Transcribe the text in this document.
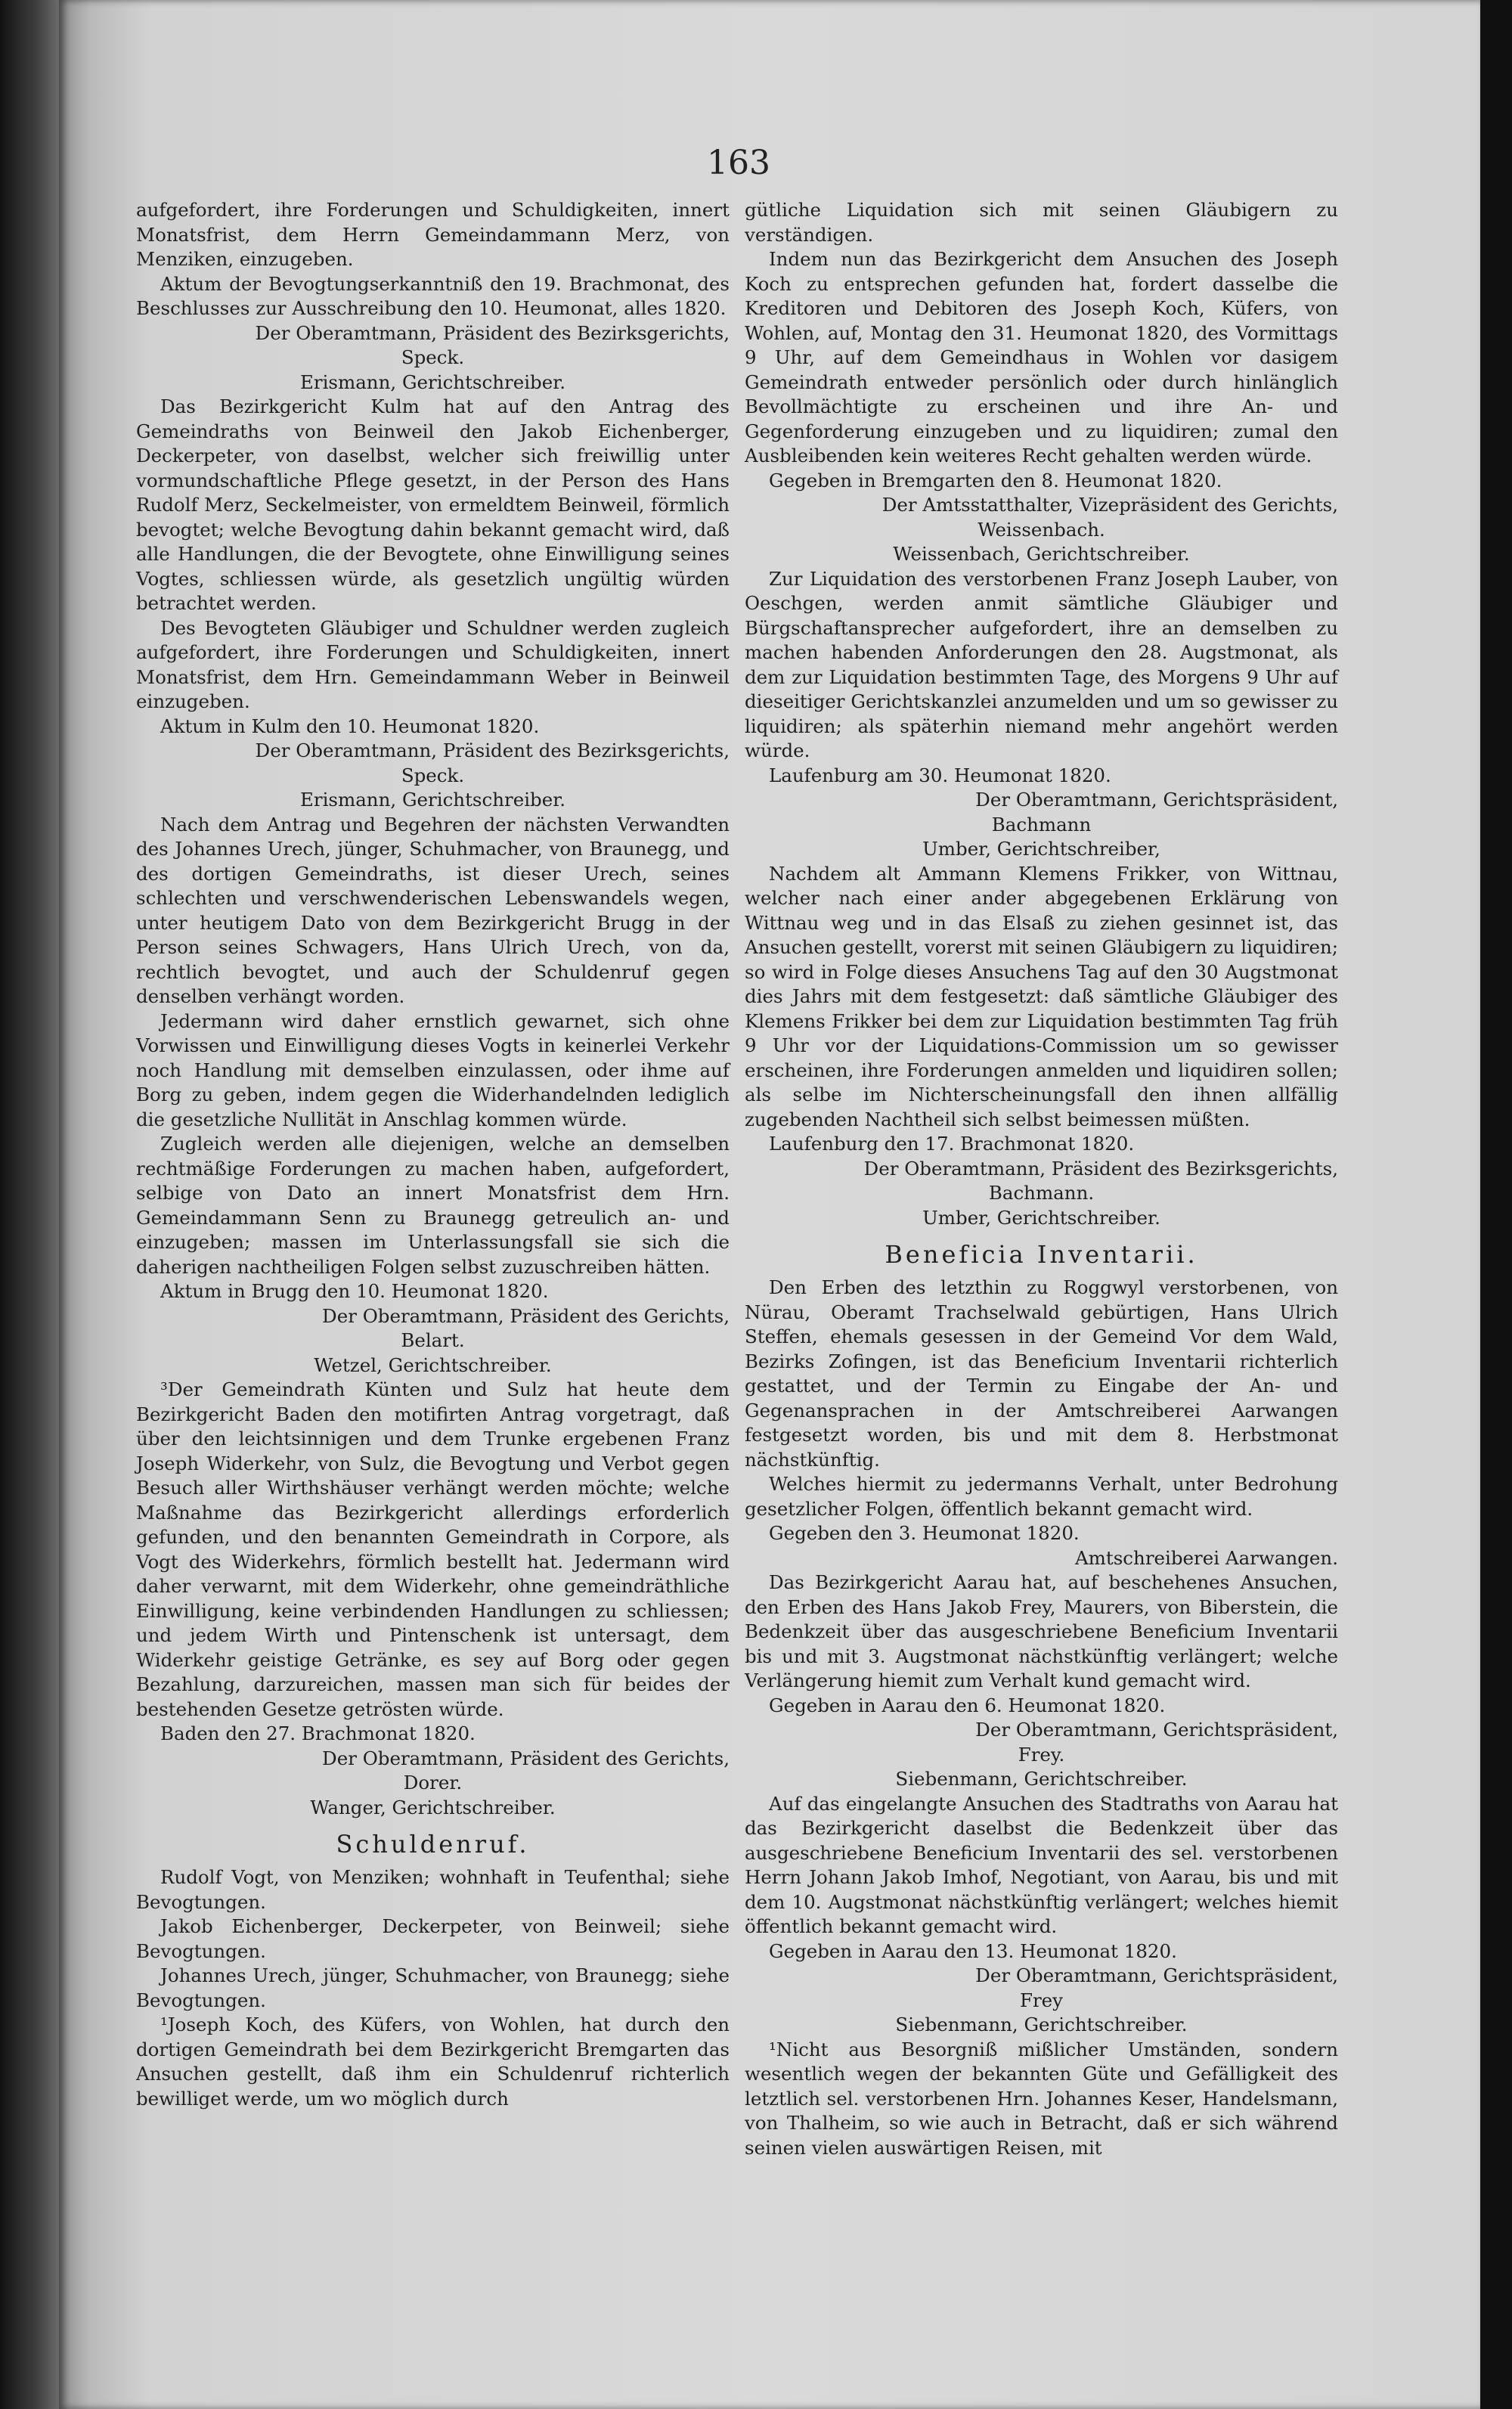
163

aufgefordert, ihre Forderungen und Schuldigkeiten, innert Monatsfrist, dem Herrn Gemeindammann Merz, von Menziken, einzugeben.

Aktum der Bevogtungserkanntniß den 19. Brachmonat, des Beschlusses zur Ausschreibung den 10. Heumonat, alles 1820.

Der Oberamtmann, Präsident des Bezirksgerichts,

Speck.

Erismann, Gerichtschreiber.

Das Bezirkgericht Kulm hat auf den Antrag des Gemeindraths von Beinweil den Jakob Eichenberger, Deckerpeter, von daselbst, welcher sich freiwillig unter vormundschaftliche Pflege gesetzt, in der Person des Hans Rudolf Merz, Seckelmeister, von ermeldtem Beinweil, förmlich bevogtet; welche Bevogtung dahin bekannt gemacht wird, daß alle Handlungen, die der Bevogtete, ohne Einwilligung seines Vogtes, schliessen würde, als gesetzlich ungültig würden betrachtet werden.

Des Bevogteten Gläubiger und Schuldner werden zugleich aufgefordert, ihre Forderungen und Schuldigkeiten, innert Monatsfrist, dem Hrn. Gemeindammann Weber in Beinweil einzugeben.

Aktum in Kulm den 10. Heumonat 1820.

Der Oberamtmann, Präsident des Bezirksgerichts,

Speck.

Erismann, Gerichtschreiber.

Nach dem Antrag und Begehren der nächsten Verwandten des Johannes Urech, jünger, Schuhmacher, von Braunegg, und des dortigen Gemeindraths, ist dieser Urech, seines schlechten und verschwenderischen Lebenswandels wegen, unter heutigem Dato von dem Bezirkgericht Brugg in der Person seines Schwagers, Hans Ulrich Urech, von da, rechtlich bevogtet, und auch der Schuldenruf gegen denselben verhängt worden.

Jedermann wird daher ernstlich gewarnet, sich ohne Vorwissen und Einwilligung dieses Vogts in keinerlei Verkehr noch Handlung mit demselben einzulassen, oder ihme auf Borg zu geben, indem gegen die Widerhandelnden lediglich die gesetzliche Nullität in Anschlag kommen würde.

Zugleich werden alle diejenigen, welche an demselben rechtmäßige Forderungen zu machen haben, aufgefordert, selbige von Dato an innert Monatsfrist dem Hrn. Gemeindammann Senn zu Braunegg getreulich an- und einzugeben; massen im Unterlassungsfall sie sich die daherigen nachtheiligen Folgen selbst zuzuschreiben hätten.

Aktum in Brugg den 10. Heumonat 1820.

Der Oberamtmann, Präsident des Gerichts,

Belart.

Wetzel, Gerichtschreiber.

³Der Gemeindrath Künten und Sulz hat heute dem Bezirkgericht Baden den motifirten Antrag vorgetragt, daß über den leichtsinnigen und dem Trunke ergebenen Franz Joseph Widerkehr, von Sulz, die Bevogtung und Verbot gegen Besuch aller Wirthshäuser verhängt werden möchte; welche Maßnahme das Bezirkgericht allerdings erforderlich gefunden, und den benannten Gemeindrath in Corpore, als Vogt des Widerkehrs, förmlich bestellt hat. Jedermann wird daher verwarnt, mit dem Widerkehr, ohne gemeindräthliche Einwilligung, keine verbindenden Handlungen zu schliessen; und jedem Wirth und Pintenschenk ist untersagt, dem Widerkehr geistige Getränke, es sey auf Borg oder gegen Bezahlung, darzureichen, massen man sich für beides der bestehenden Gesetze getrösten würde.

Baden den 27. Brachmonat 1820.

Der Oberamtmann, Präsident des Gerichts,

Dorer.

Wanger, Gerichtschreiber.

Schuldenruf.

Rudolf Vogt, von Menziken; wohnhaft in Teufenthal; siehe Bevogtungen.

Jakob Eichenberger, Deckerpeter, von Beinweil; siehe Bevogtungen.

Johannes Urech, jünger, Schuhmacher, von Braunegg; siehe Bevogtungen.

¹Joseph Koch, des Küfers, von Wohlen, hat durch den dortigen Gemeindrath bei dem Bezirkgericht Bremgarten das Ansuchen gestellt, daß ihm ein Schuldenruf richterlich bewilliget werde, um wo möglich durch

gütliche Liquidation sich mit seinen Gläubigern zu verständigen.

Indem nun das Bezirkgericht dem Ansuchen des Joseph Koch zu entsprechen gefunden hat, fordert dasselbe die Kreditoren und Debitoren des Joseph Koch, Küfers, von Wohlen, auf, Montag den 31. Heumonat 1820, des Vormittags 9 Uhr, auf dem Gemeindhaus in Wohlen vor dasigem Gemeindrath entweder persönlich oder durch hinlänglich Bevollmächtigte zu erscheinen und ihre An- und Gegenforderung einzugeben und zu liquidiren; zumal den Ausbleibenden kein weiteres Recht gehalten werden würde.

Gegeben in Bremgarten den 8. Heumonat 1820.

Der Amtsstatthalter, Vizepräsident des Gerichts,

Weissenbach.

Weissenbach, Gerichtschreiber.

Zur Liquidation des verstorbenen Franz Joseph Lauber, von Oeschgen, werden anmit sämtliche Gläubiger und Bürgschaftansprecher aufgefordert, ihre an demselben zu machen habenden Anforderungen den 28. Augstmonat, als dem zur Liquidation bestimmten Tage, des Morgens 9 Uhr auf dieseitiger Gerichtskanzlei anzumelden und um so gewisser zu liquidiren; als späterhin niemand mehr angehört werden würde.

Laufenburg am 30. Heumonat 1820.

Der Oberamtmann, Gerichtspräsident,

Bachmann

Umber, Gerichtschreiber,

Nachdem alt Ammann Klemens Frikker, von Wittnau, welcher nach einer ander abgegebenen Erklärung von Wittnau weg und in das Elsaß zu ziehen gesinnet ist, das Ansuchen gestellt, vorerst mit seinen Gläubigern zu liquidiren; so wird in Folge dieses Ansuchens Tag auf den 30 Augstmonat dies Jahrs mit dem festgesetzt: daß sämtliche Gläubiger des Klemens Frikker bei dem zur Liquidation bestimmten Tag früh 9 Uhr vor der Liquidations-Commission um so gewisser erscheinen, ihre Forderungen anmelden und liquidiren sollen; als selbe im Nichterscheinungsfall den ihnen allfällig zugebenden Nachtheil sich selbst beimessen müßten.

Laufenburg den 17. Brachmonat 1820.

Der Oberamtmann, Präsident des Bezirksgerichts,

Bachmann.

Umber, Gerichtschreiber.

Beneficia Inventarii.

Den Erben des letzthin zu Roggwyl verstorbenen, von Nürau, Oberamt Trachselwald gebürtigen, Hans Ulrich Steffen, ehemals gesessen in der Gemeind Vor dem Wald, Bezirks Zofingen, ist das Beneficium Inventarii richterlich gestattet, und der Termin zu Eingabe der An- und Gegenansprachen in der Amtschreiberei Aarwangen festgesetzt worden, bis und mit dem 8. Herbstmonat nächstkünftig.

Welches hiermit zu jedermanns Verhalt, unter Bedrohung gesetzlicher Folgen, öffentlich bekannt gemacht wird.

Gegeben den 3. Heumonat 1820.

Amtschreiberei Aarwangen.

Das Bezirkgericht Aarau hat, auf beschehenes Ansuchen, den Erben des Hans Jakob Frey, Maurers, von Biberstein, die Bedenkzeit über das ausgeschriebene Beneficium Inventarii bis und mit 3. Augstmonat nächstkünftig verlängert; welche Verlängerung hiemit zum Verhalt kund gemacht wird.

Gegeben in Aarau den 6. Heumonat 1820.

Der Oberamtmann, Gerichtspräsident,

Frey.

Siebenmann, Gerichtschreiber.

Auf das eingelangte Ansuchen des Stadtraths von Aarau hat das Bezirkgericht daselbst die Bedenkzeit über das ausgeschriebene Beneficium Inventarii des sel. verstorbenen Herrn Johann Jakob Imhof, Negotiant, von Aarau, bis und mit dem 10. Augstmonat nächstkünftig verlängert; welches hiemit öffentlich bekannt gemacht wird.

Gegeben in Aarau den 13. Heumonat 1820.

Der Oberamtmann, Gerichtspräsident,

Frey

Siebenmann, Gerichtschreiber.

¹Nicht aus Besorgniß mißlicher Umständen, sondern wesentlich wegen der bekannten Güte und Gefälligkeit des letztlich sel. verstorbenen Hrn. Johannes Keser, Handelsmann, von Thalheim, so wie auch in Betracht, daß er sich während seinen vielen auswärtigen Reisen, mit
